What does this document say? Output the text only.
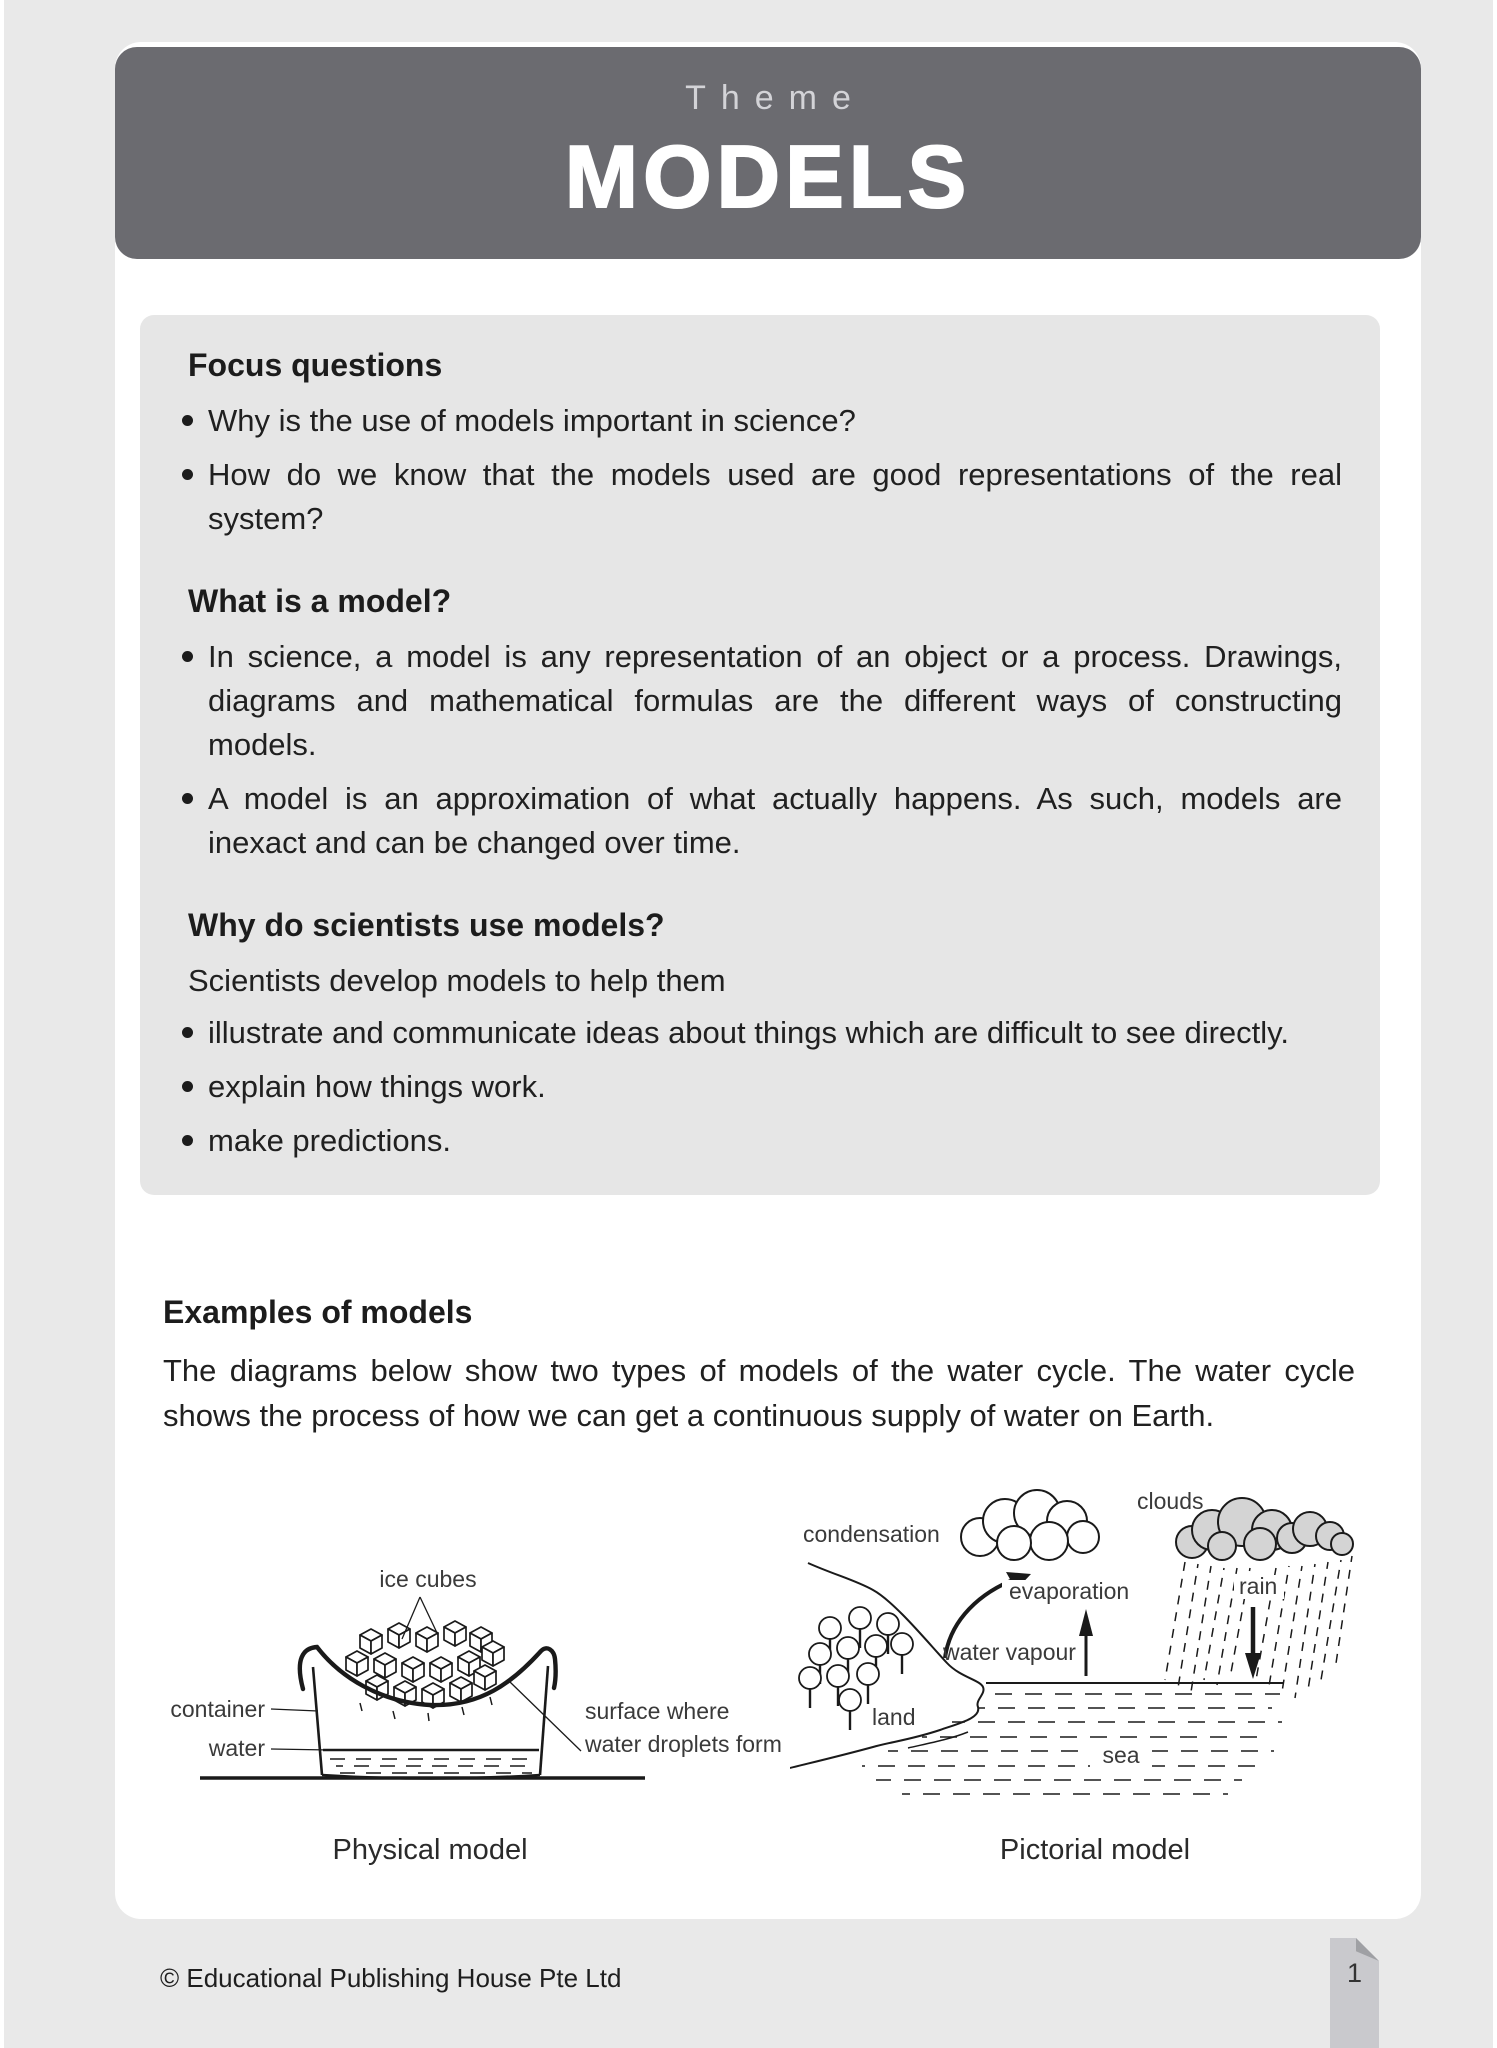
Theme
MODELS
Focus questions
Why is the use of models important in science?
How do we know that the models used are good representations of the real system?
What is a model?
In science, a model is any representation of an object or a process. Drawings, diagrams and mathematical formulas are the different ways of constructing models.
A model is an approximation of what actually happens. As such, models are inexact and can be changed over time.
Why do scientists use models?

Scientists develop models to help them

illustrate and communicate ideas about things which are difficult to see directly.
explain how things work.
make predictions.
Examples of models

The diagrams below show two types of models of the water cycle. The water cycle shows the process of how we can get a continuous supply of water on Earth.

ice cubes
container
water
surface where
water droplets form
Physical model
condensation
clouds
evaporation	rain
water vapour
land
sea
Pictorial model
© Educational Publishing House Pte Ltd	1
